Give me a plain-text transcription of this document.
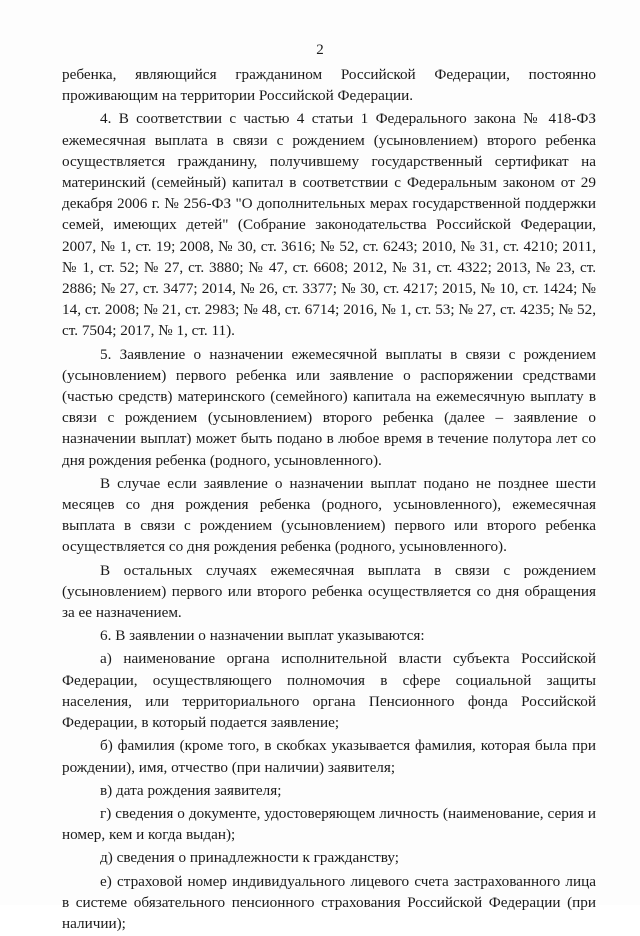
2

ребенка, являющийся гражданином Российской Федерации, постоянно проживающим на территории Российской Федерации.

4. В соответствии с частью 4 статьи 1 Федерального закона № 418-ФЗ ежемесячная выплата в связи с рождением (усыновлением) второго ребенка осуществляется гражданину, получившему государственный сертификат на материнский (семейный) капитал в соответствии с Федеральным законом от 29 декабря 2006 г. № 256-ФЗ "О дополнительных мерах государственной поддержки семей, имеющих детей" (Собрание законодательства Российской Федерации, 2007, № 1, ст. 19; 2008, № 30, ст. 3616; № 52, ст. 6243; 2010, № 31, ст. 4210; 2011, № 1, ст. 52; № 27, ст. 3880; № 47, ст. 6608; 2012, № 31, ст. 4322; 2013, № 23, ст. 2886; № 27, ст. 3477; 2014, № 26, ст. 3377; № 30, ст. 4217; 2015, № 10, ст. 1424; № 14, ст. 2008; № 21, ст. 2983; № 48, ст. 6714; 2016, № 1, ст. 53; № 27, ст. 4235; № 52, ст. 7504; 2017, № 1, ст. 11).

5. Заявление о назначении ежемесячной выплаты в связи с рождением (усыновлением) первого ребенка или заявление о распоряжении средствами (частью средств) материнского (семейного) капитала на ежемесячную выплату в связи с рождением (усыновлением) второго ребенка (далее – заявление о назначении выплат) может быть подано в любое время в течение полутора лет со дня рождения ребенка (родного, усыновленного).

В случае если заявление о назначении выплат подано не позднее шести месяцев со дня рождения ребенка (родного, усыновленного), ежемесячная выплата в связи с рождением (усыновлением) первого или второго ребенка осуществляется со дня рождения ребенка (родного, усыновленного).

В остальных случаях ежемесячная выплата в связи с рождением (усыновлением) первого или второго ребенка осуществляется со дня обращения за ее назначением.

6. В заявлении о назначении выплат указываются:

а) наименование органа исполнительной власти субъекта Российской Федерации, осуществляющего полномочия в сфере социальной защиты населения, или территориального органа Пенсионного фонда Российской Федерации, в который подается заявление;

б) фамилия (кроме того, в скобках указывается фамилия, которая была при рождении), имя, отчество (при наличии) заявителя;

в) дата рождения заявителя;

г) сведения о документе, удостоверяющем личность (наименование, серия и номер, кем и когда выдан);

д) сведения о принадлежности к гражданству;

е) страховой номер индивидуального лицевого счета застрахованного лица в системе обязательного пенсионного страхования Российской Федерации (при наличии);
